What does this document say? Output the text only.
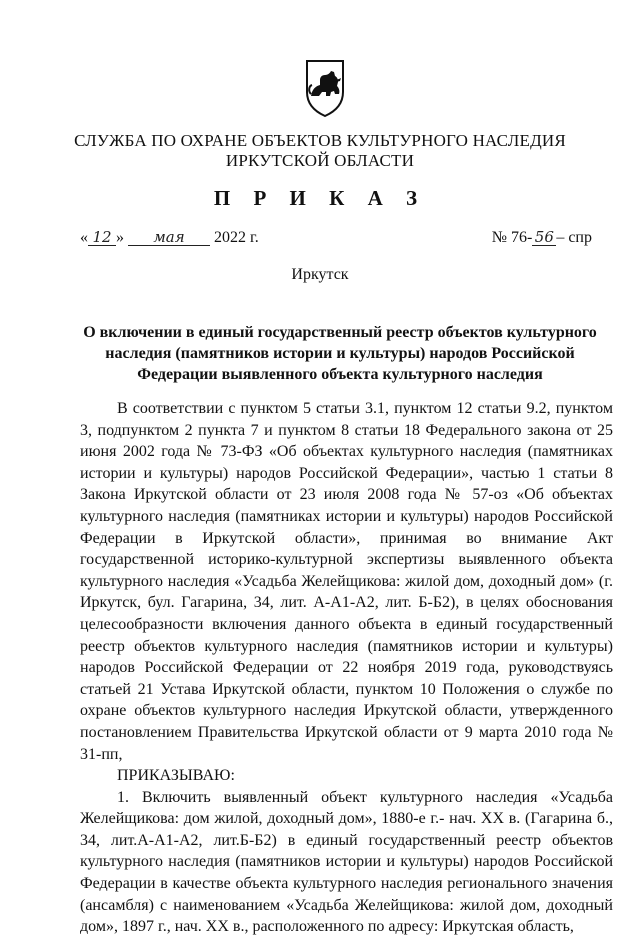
СЛУЖБА ПО ОХРАНЕ ОБЪЕКТОВ КУЛЬТУРНОГО НАСЛЕДИЯ
ИРКУТСКОЙ ОБЛАСТИ
П Р И К А З
« 12 » мая 2022 г.	№ 76- 56 – спр
Иркутск
О включении в единый государственный реестр объектов культурного наследия (памятников истории и культуры) народов Российской Федерации выявленного объекта культурного наследия

В соответствии с пунктом 5 статьи 3.1, пунктом 12 статьи 9.2, пунктом 3, подпунктом 2 пункта 7 и пунктом 8 статьи 18 Федерального закона от 25 июня 2002 года № 73-ФЗ «Об объектах культурного наследия (памятниках истории и культуры) народов Российской Федерации», частью 1 статьи 8 Закона Иркутской области от 23 июля 2008 года № 57-оз «Об объектах культурного наследия (памятниках истории и культуры) народов Российской Федерации в Иркутской области», принимая во внимание Акт государственной историко-культурной экспертизы выявленного объекта культурного наследия «Усадьба Желейщикова: жилой дом, доходный дом» (г. Иркутск, бул. Гагарина, 34, лит. А-А1-А2, лит. Б-Б2), в целях обоснования целесообразности включения данного объекта в единый государственный реестр объектов культурного наследия (памятников истории и культуры) народов Российской Федерации от 22 ноября 2019 года, руководствуясь статьей 21 Устава Иркутской области, пунктом 10 Положения о службе по охране объектов культурного наследия Иркутской области, утвержденного постановлением Правительства Иркутской области от 9 марта 2010 года № 31-пп,

ПРИКАЗЫВАЮ:

1. Включить выявленный объект культурного наследия «Усадьба Желейщикова: дом жилой, доходный дом», 1880-е г.- нач. XX в. (Гагарина б., 34, лит.А-А1-А2, лит.Б-Б2) в единый государственный реестр объектов культурного наследия (памятников истории и культуры) народов Российской Федерации в качестве объекта культурного наследия регионального значения (ансамбля) с наименованием «Усадьба Желейщикова: жилой дом, доходный дом», 1897 г., нач. XX в., расположенного по адресу: Иркутская область,
